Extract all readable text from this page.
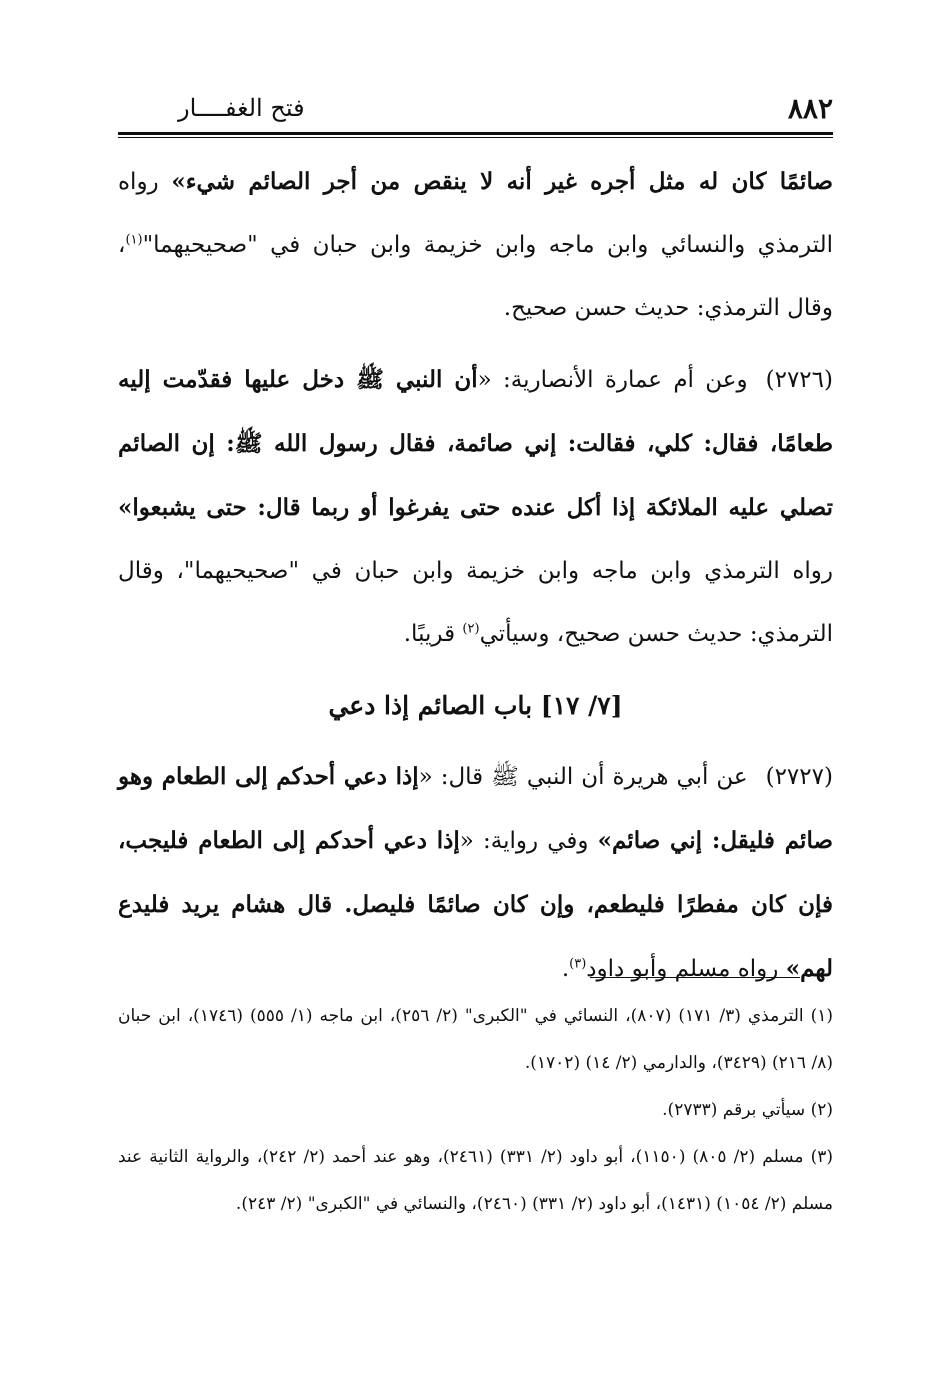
٨٨٢
فتح الغفــــار

صائمًا كان له مثل أجره غير أنه لا ينقص من أجر الصائم شيء» رواه الترمذي والنسائي وابن ماجه وابن خزيمة وابن حبان في "صحيحيهما"$^{(١)}$، وقال الترمذي: حديث حسن صحيح.

(٢٧٢٦)وعن أم عمارة الأنصارية: «أن النبي ﷺ دخل عليها فقدّمت إليه طعامًا، فقال: كلي، فقالت: إني صائمة، فقال رسول الله ﷺ: إن الصائم تصلي عليه الملائكة إذا أكل عنده حتى يفرغوا أو ربما قال: حتى يشبعوا» رواه الترمذي وابن ماجه وابن خزيمة وابن حبان في "صحيحيهما"، وقال الترمذي: حديث حسن صحيح، وسيأتي$^{(٢)}$ قريبًا.

[٧/ ١٧] باب الصائم إذا دعي

(٢٧٢٧)عن أبي هريرة أن النبي ﷺ قال: «إذا دعي أحدكم إلى الطعام وهو صائم فليقل: إني صائم» وفي رواية: «إذا دعي أحدكم إلى الطعام فليجب، فإن كان مفطرًا فليطعم، وإن كان صائمًا فليصل. قال هشام يريد فليدع لهم» رواه مسلم وأبو داود$^{(٣)}$.

(١) الترمذي (٣/ ١٧١) (٨٠٧)، النسائي في "الكبرى" (٢/ ٢٥٦)، ابن ماجه (١/ ٥٥٥) (١٧٤٦)، ابن حبان (٨/ ٢١٦) (٣٤٢٩)، والدارمي (٢/ ١٤) (١٧٠٢).

(٢) سيأتي برقم (٢٧٣٣).

(٣) مسلم (٢/ ٨٠٥) (١١٥٠)، أبو داود (٢/ ٣٣١) (٢٤٦١)، وهو عند أحمد (٢/ ٢٤٢)، والرواية الثانية عند مسلم (٢/ ١٠٥٤) (١٤٣١)، أبو داود (٢/ ٣٣١) (٢٤٦٠)، والنسائي في "الكبرى" (٢/ ٢٤٣).
